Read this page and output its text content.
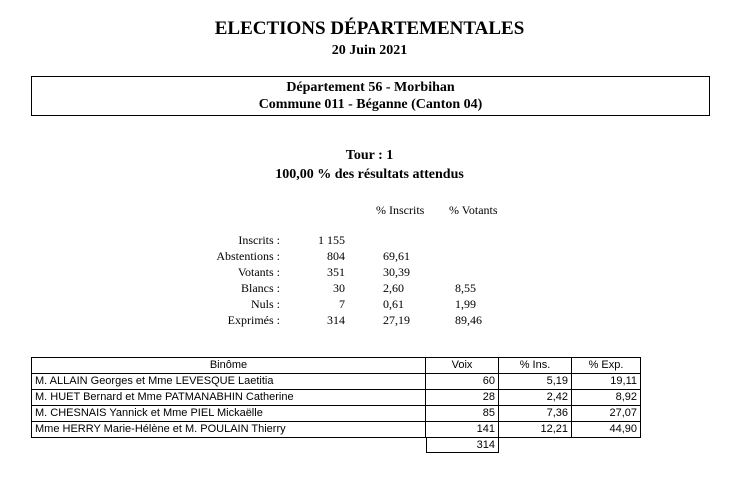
ELECTIONS DÉPARTEMENTALES
20 Juin 2021
Département 56 - Morbihan
Commune 011 - Béganne (Canton 04)
Tour : 1
100,00 % des résultats attendus
% Inscrits % Votants
Inscrits :	1 155
Abstentions :	804	69,61
Votants :	351	30,39
Blancs :	30	2,60	8,55
Nuls :	7	0,61	1,99
Exprimés :	314	27,19	89,46
Binôme	Voix	% Ins.	% Exp.
M. ALLAIN Georges et Mme LEVESQUE Laetitia	60	5,19	19,11
M. HUET Bernard et Mme PATMANABHIN Catherine	28	2,42	8,92
M. CHESNAIS Yannick et Mme PIEL Mickaëlle	85	7,36	27,07
Mme HERRY Marie-Hélène et M. POULAIN Thierry	141	12,21	44,90
314
